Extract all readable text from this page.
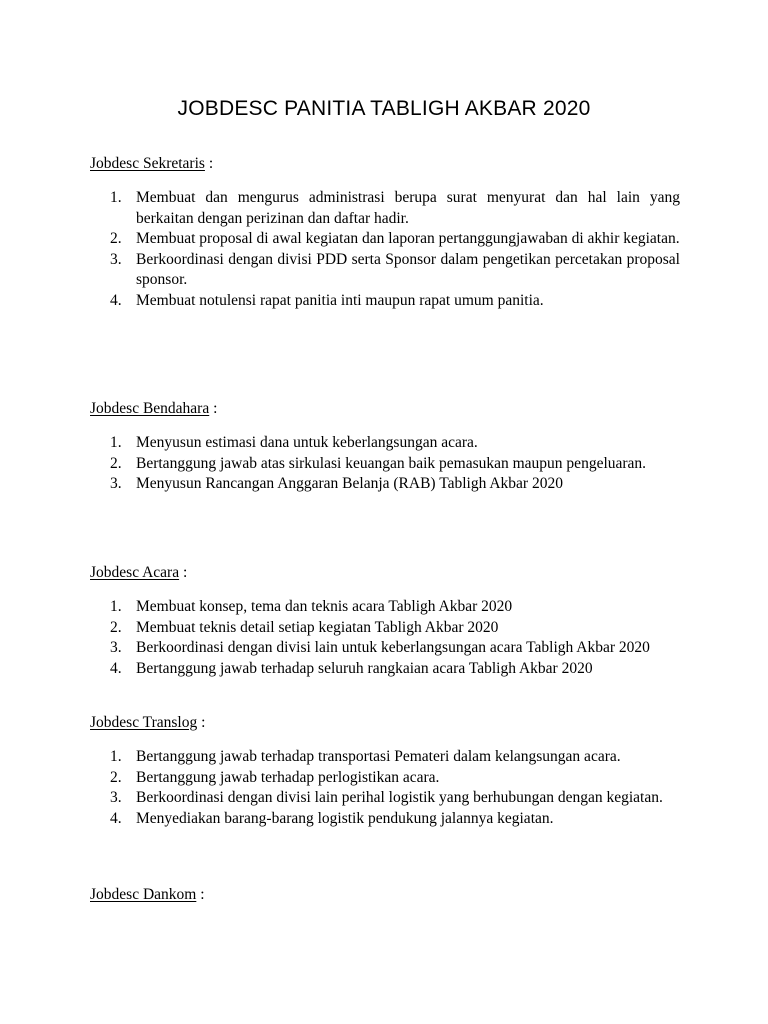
JOBDESC PANITIA TABLIGH AKBAR 2020

Jobdesc Sekretaris :

1. Membuat dan mengurus administrasi berupa surat menyurat dan hal lain yang berkaitan dengan perizinan dan daftar hadir.
2. Membuat proposal di awal kegiatan dan laporan pertanggungjawaban di akhir kegiatan.
3. Berkoordinasi dengan divisi PDD serta Sponsor dalam pengetikan percetakan proposal sponsor.
4. Membuat notulensi rapat panitia inti maupun rapat umum panitia.

Jobdesc Bendahara :

1. Menyusun estimasi dana untuk keberlangsungan acara.
2. Bertanggung jawab atas sirkulasi keuangan baik pemasukan maupun pengeluaran.
3. Menyusun Rancangan Anggaran Belanja (RAB) Tabligh Akbar 2020

Jobdesc Acara :

1. Membuat konsep, tema dan teknis acara Tabligh Akbar 2020
2. Membuat teknis detail setiap kegiatan Tabligh Akbar 2020
3. Berkoordinasi dengan divisi lain untuk keberlangsungan acara Tabligh Akbar 2020
4. Bertanggung jawab terhadap seluruh rangkaian acara Tabligh Akbar 2020

Jobdesc Translog :

1. Bertanggung jawab terhadap transportasi Pemateri dalam kelangsungan acara.
2. Bertanggung jawab terhadap perlogistikan acara.
3. Berkoordinasi dengan divisi lain perihal logistik yang berhubungan dengan kegiatan.
4. Menyediakan barang-barang logistik pendukung jalannya kegiatan.

Jobdesc Dankom :
